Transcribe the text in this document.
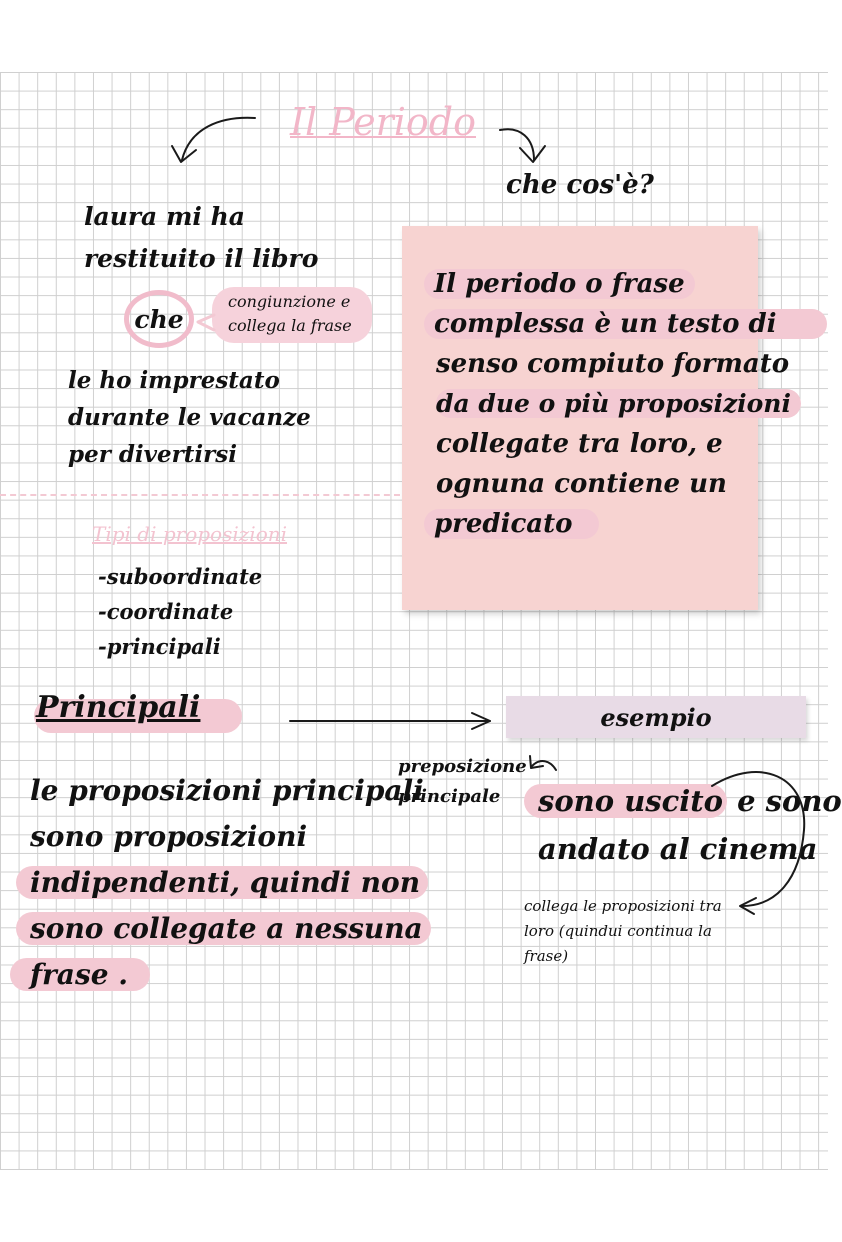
Il Periodo
che cos'è?
laura mi ha
restituito il libro
che
congiunzione e
collega la frase
le ho imprestato
durante le vacanze
per divertirsi
Il periodo o frase
complessa è un testo di
senso compiuto formato
da due o più proposizioni
collegate tra loro, e
ognuna contiene un
predicato
Tipi di proposizioni
-suboordinate
-coordinate
-principali
Principali	esempio
le proposizioni principali
sono proposizioni
indipendenti, quindi non
sono collegate a nessuna
frase .
preposizione
principale	sono uscito e sono
andato al cinema
collega le proposizioni tra
loro (quindui continua la
frase)
